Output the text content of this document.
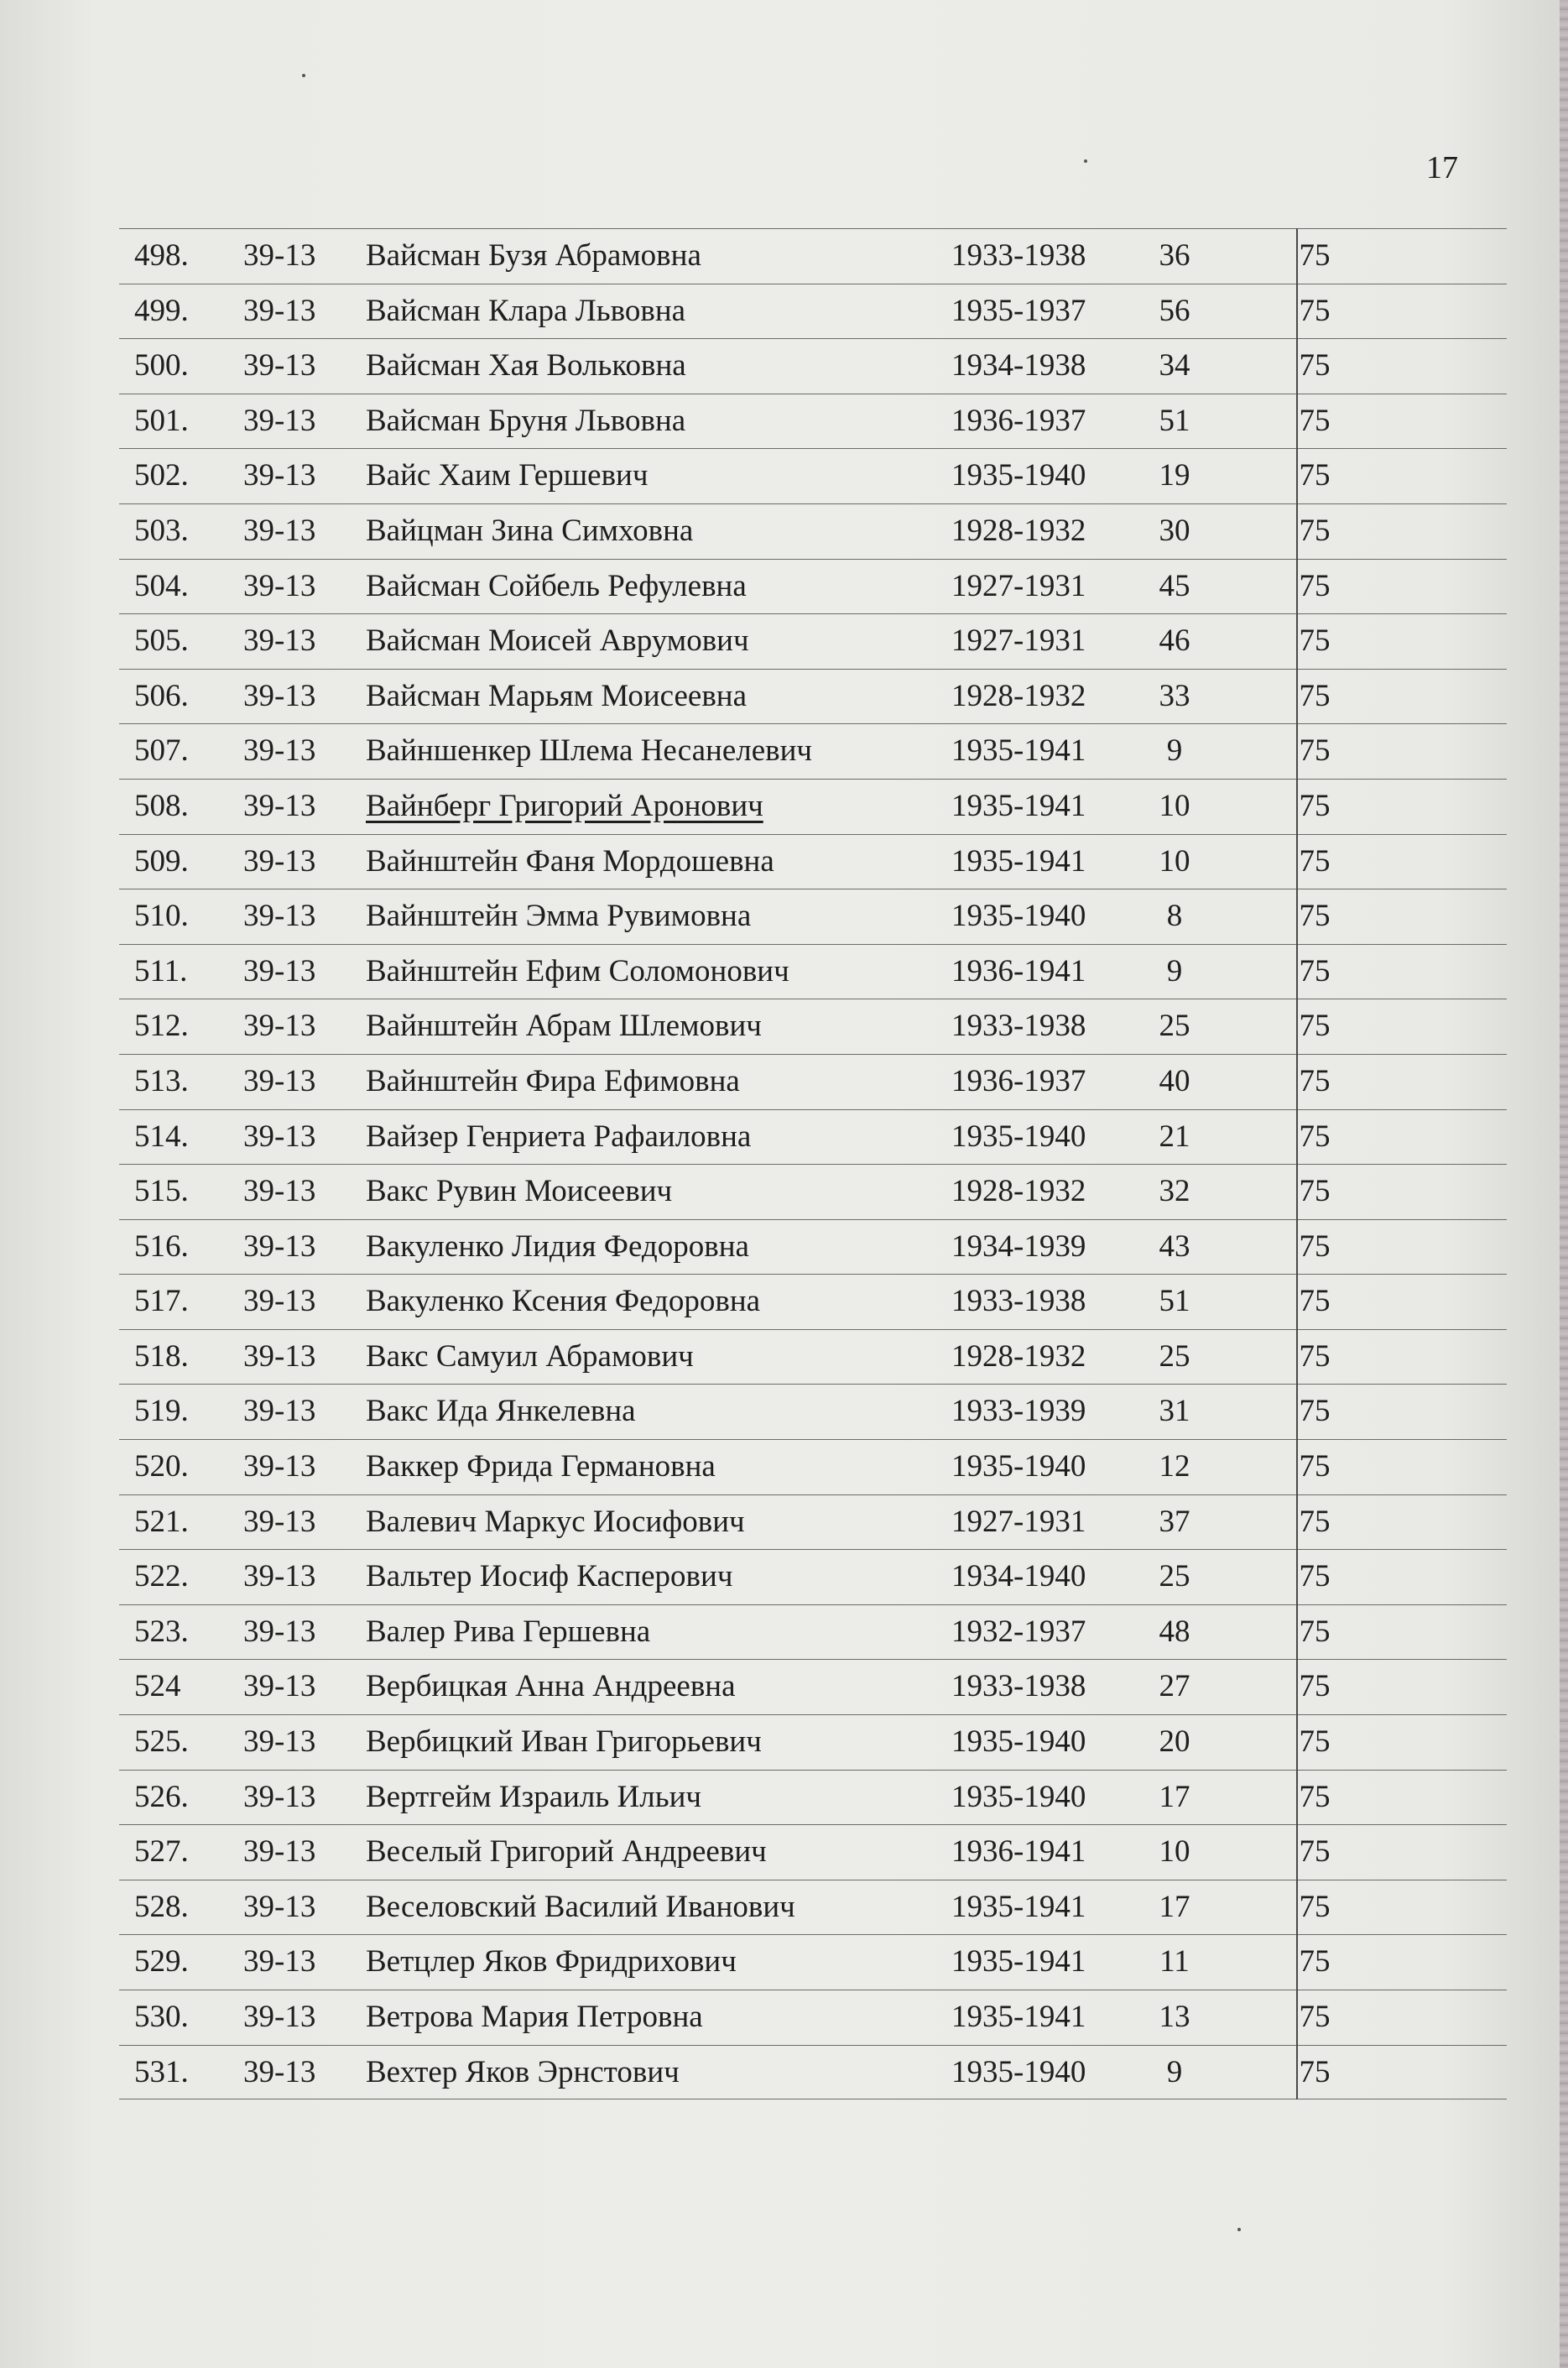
17
498. 39-13 Вайсман Бузя Абрамовна	1933-1938	36	75
499. 39-13 Вайсман Клара Львовна	1935-1937	56	75
500. 39-13 Вайсман Хая Вольковна	1934-1938	34	75
501. 39-13 Вайсман Бруня Львовна	1936-1937	51	75
502. 39-13 Вайс Хаим Гершевич	1935-1940	19	75
503. 39-13 Вайцман Зина Симховна	1928-1932	30	75
504. 39-13 Вайсман Сойбель Рефулевна	1927-1931	45	75
505. 39-13 Вайсман Моисей Аврумович	1927-1931	46	75
506. 39-13 Вайсман Марьям Моисеевна	1928-1932	33	75
507. 39-13 Вайншенкер Шлема Несанелевич	1935-1941	9	75
508. 39-13 Вайнберг Григорий Аронович	1935-1941	10	75
509. 39-13 Вайнштейн Фаня Мордошевна	1935-1941	10	75
510. 39-13 Вайнштейн Эмма Рувимовна	1935-1940	8	75
511. 39-13 Вайнштейн Ефим Соломонович	1936-1941	9	75
512. 39-13 Вайнштейн Абрам Шлемович	1933-1938	25	75
513. 39-13 Вайнштейн Фира Ефимовна	1936-1937	40	75
514. 39-13 Вайзер Генриета Рафаиловна	1935-1940	21	75
515. 39-13 Вакс Рувин Моисеевич	1928-1932	32	75
516. 39-13 Вакуленко Лидия Федоровна	1934-1939	43	75
517. 39-13 Вакуленко Ксения Федоровна	1933-1938	51	75
518. 39-13 Вакс Самуил Абрамович	1928-1932	25	75
519. 39-13 Вакс Ида Янкелевна	1933-1939	31	75
520. 39-13 Ваккер Фрида Германовна	1935-1940	12	75
521. 39-13 Валевич Маркус Иосифович	1927-1931	37	75
522. 39-13 Вальтер Иосиф Касперович	1934-1940	25	75
523. 39-13 Валер Рива Гершевна	1932-1937	48	75
524 39-13 Вербицкая Анна Андреевна	1933-1938	27	75
525. 39-13 Вербицкий Иван Григорьевич	1935-1940	20	75
526. 39-13 Вертгейм Израиль Ильич	1935-1940	17	75
527. 39-13 Веселый Григорий Андреевич	1936-1941	10	75
528. 39-13 Веселовский Василий Иванович	1935-1941	17	75
529. 39-13 Ветцлер Яков Фридрихович	1935-1941	11	75
530. 39-13 Ветрова Мария Петровна	1935-1941	13	75
531. 39-13 Вехтер Яков Эрнстович	1935-1940	9	75
